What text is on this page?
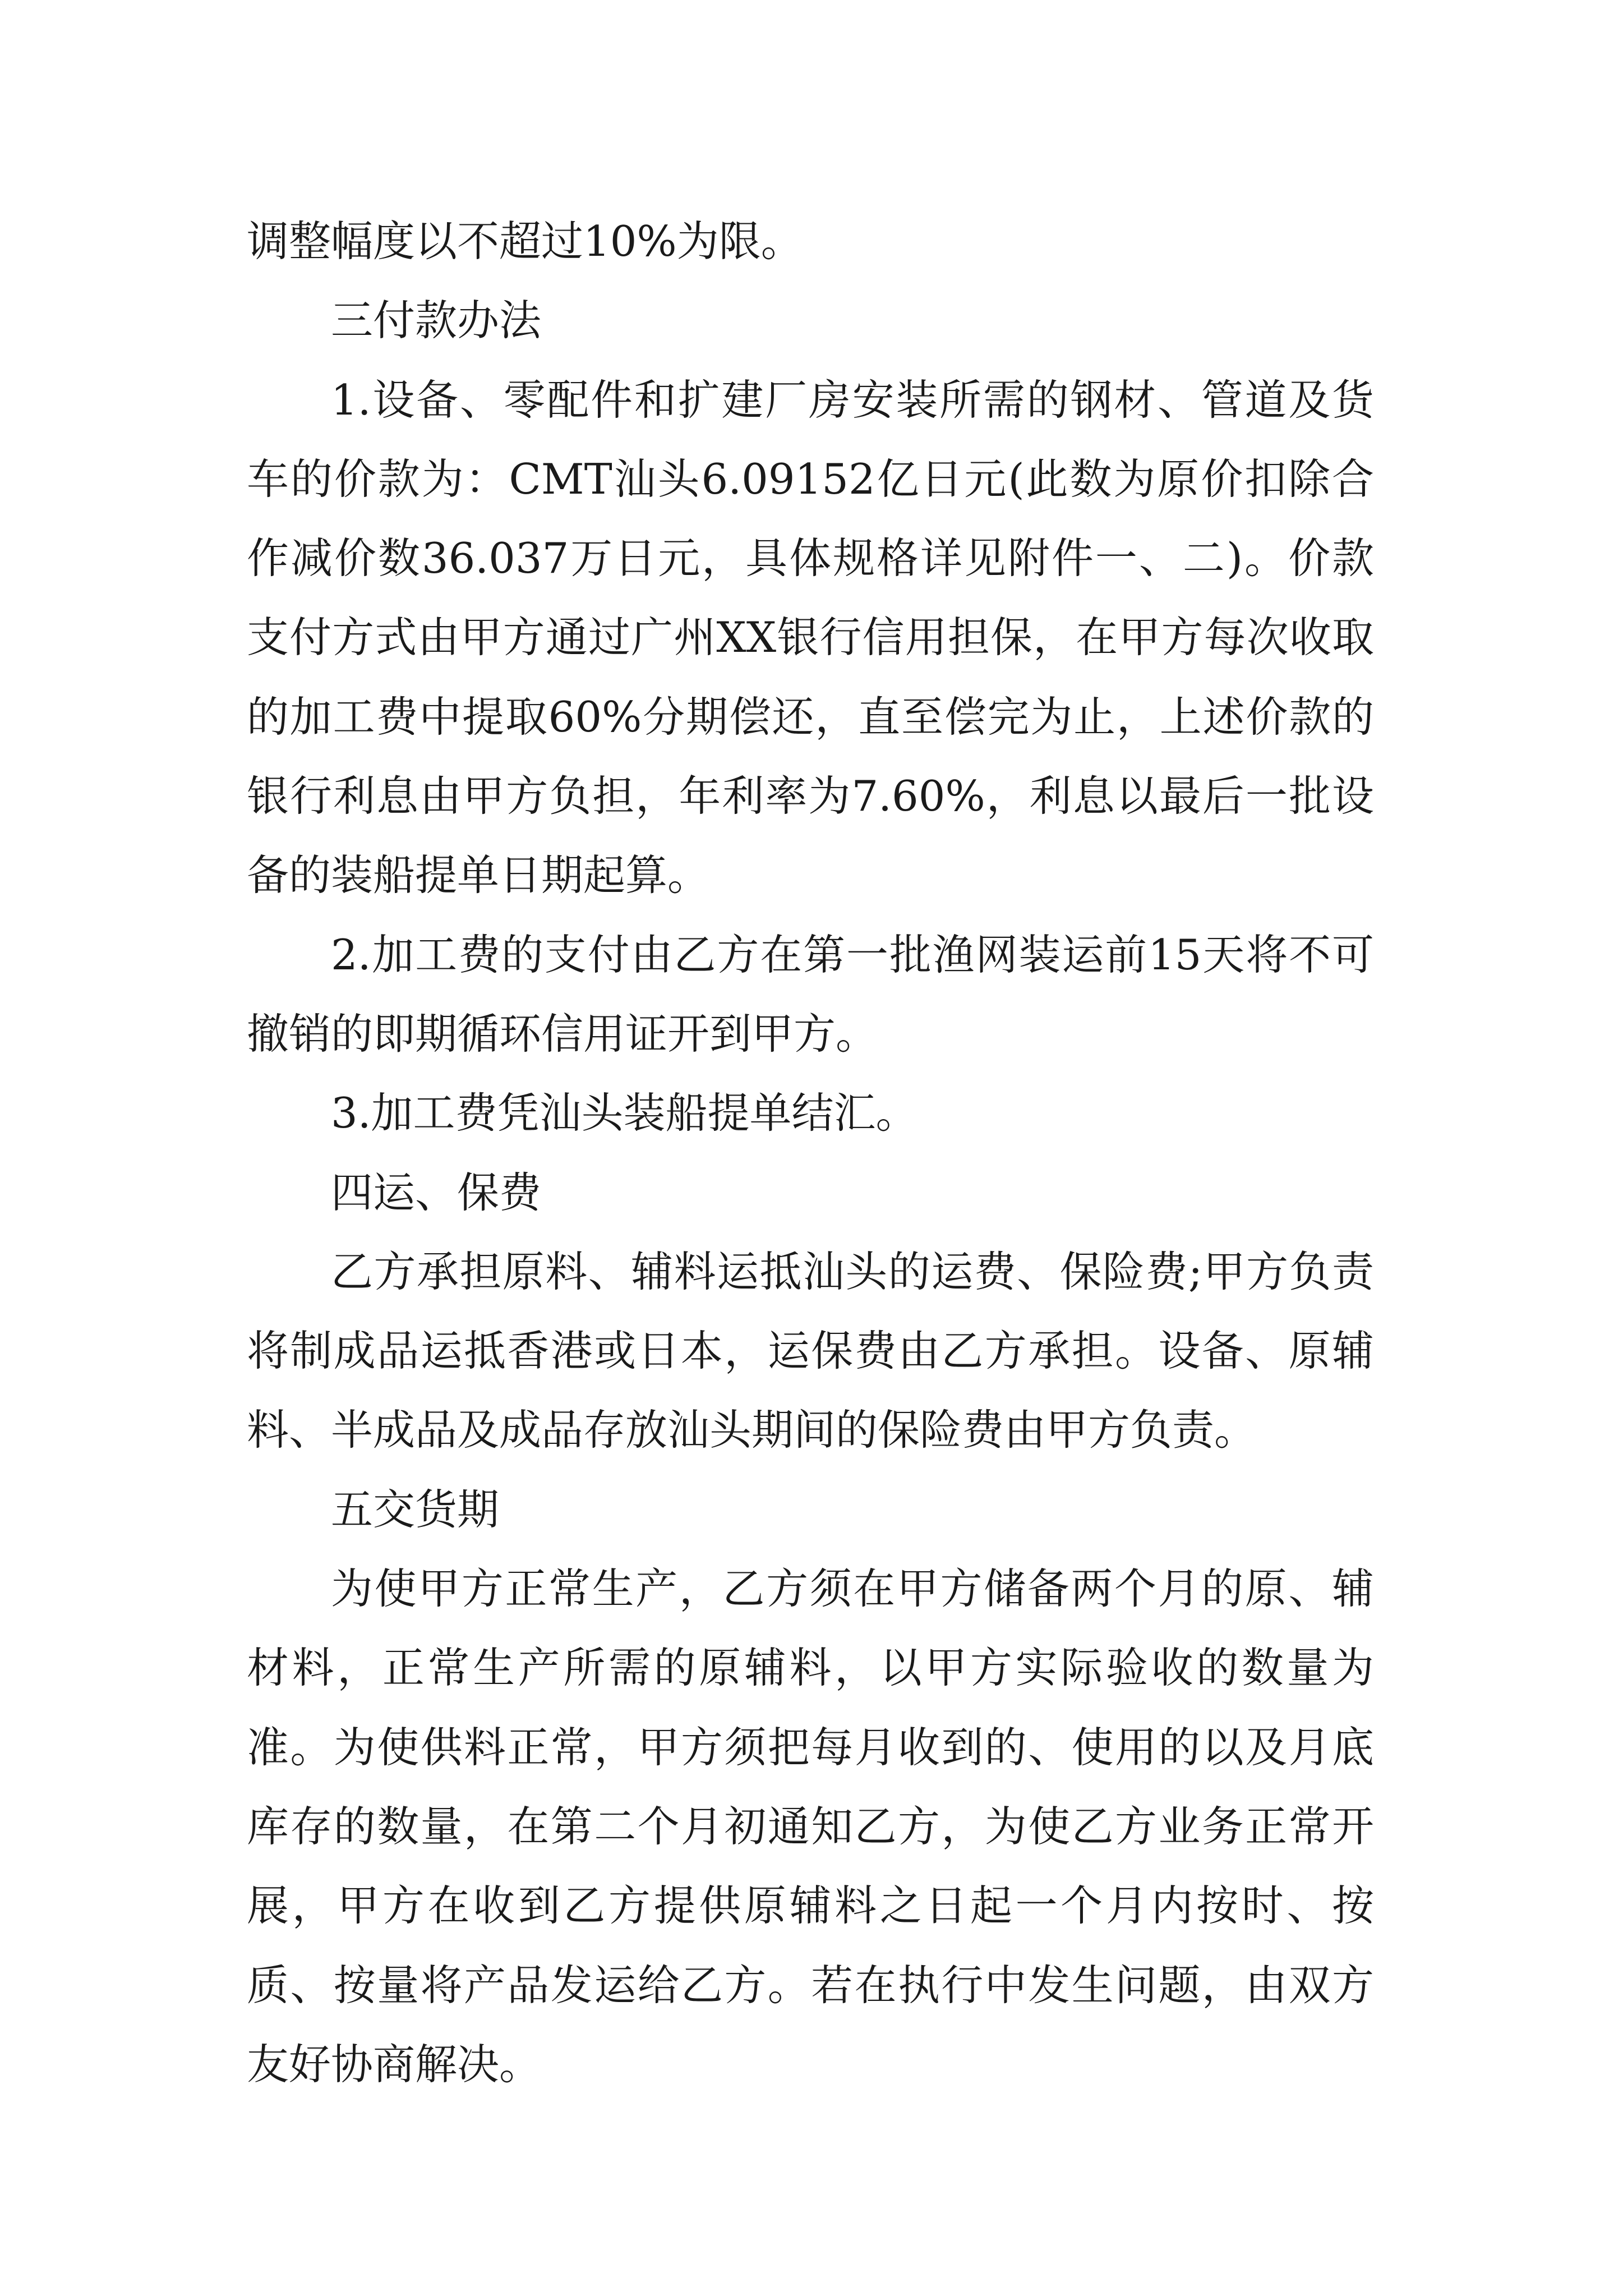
调整幅度以不超过10%为限。

三付款办法

1.设备、零配件和扩建厂房安装所需的钢材、管道及货车的价款为：CMT汕头6.09152亿日元(此数为原价扣除合作减价数36.037万日元，具体规格详见附件一、二)。价款支付方式由甲方通过广州XX银行信用担保，在甲方每次收取的加工费中提取60%分期偿还，直至偿完为止，上述价款的银行利息由甲方负担，年利率为7.60%，利息以最后一批设备的装船提单日期起算。

2.加工费的支付由乙方在第一批渔网装运前15天将不可撤销的即期循环信用证开到甲方。

3.加工费凭汕头装船提单结汇。

四运、保费

乙方承担原料、辅料运抵汕头的运费、保险费;甲方负责将制成品运抵香港或日本，运保费由乙方承担。设备、原辅料、半成品及成品存放汕头期间的保险费由甲方负责。

五交货期

为使甲方正常生产，乙方须在甲方储备两个月的原、辅材料，正常生产所需的原辅料，以甲方实际验收的数量为准。为使供料正常，甲方须把每月收到的、使用的以及月底库存的数量，在第二个月初通知乙方，为使乙方业务正常开展，甲方在收到乙方提供原辅料之日起一个月内按时、按质、按量将产品发运给乙方。若在执行中发生问题，由双方友好协商解决。
